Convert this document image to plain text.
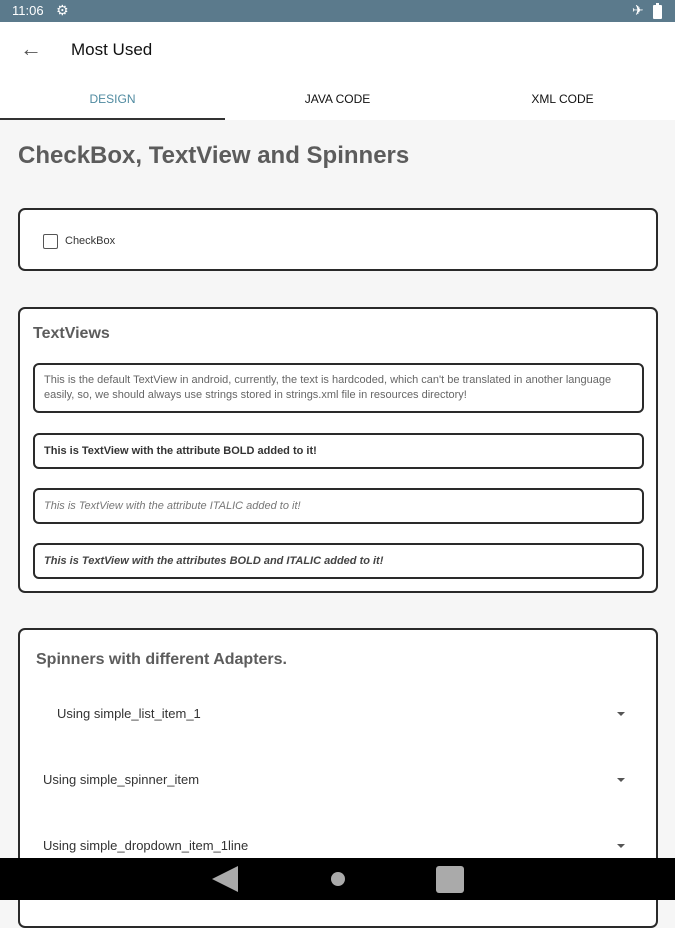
11:06 ⚙	✈
← Most Used
DESIGN	JAVA CODE	XML CODE
CheckBox, TextView and Spinners
CheckBox
TextViews
This is the default TextView in android, currently, the text is hardcoded, which can't be translated in another language easily, so, we should always use strings stored in strings.xml file in resources directory!
This is TextView with the attribute BOLD added to it!
This is TextView with the attribute ITALIC added to it!
This is TextView with the attributes BOLD and ITALIC added to it!
Spinners with different Adapters.
Using simple_list_item_1
Using simple_spinner_item
Using simple_dropdown_item_1line
